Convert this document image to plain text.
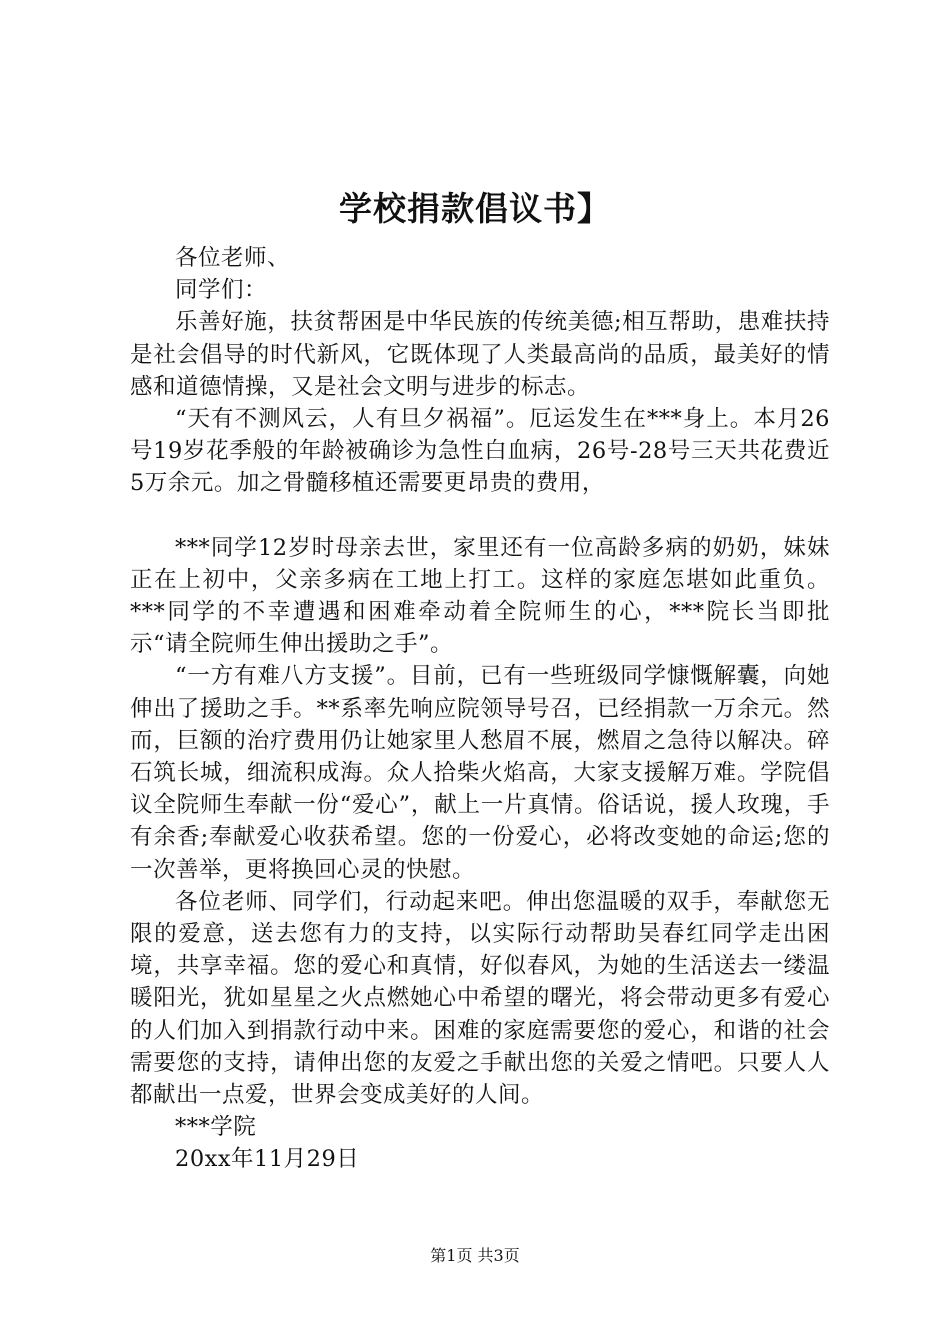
学校捐款倡议书】

各位老师、

同学们：

乐善好施，扶贫帮困是中华民族的传统美德;相互帮助，患难扶持是社会倡导的时代新风，它既体现了人类最高尚的品质，最美好的情感和道德情操，又是社会文明与进步的标志。

“天有不测风云，人有旦夕祸福”。厄运发生在***身上。本月26号19岁花季般的年龄被确诊为急性白血病，26号-28号三天共花费近5万余元。加之骨髓移植还需要更昂贵的费用，

***同学12岁时母亲去世，家里还有一位高龄多病的奶奶，妹妹正在上初中，父亲多病在工地上打工。这样的家庭怎堪如此重负。***同学的不幸遭遇和困难牵动着全院师生的心，***院长当即批示“请全院师生伸出援助之手”。

“一方有难八方支援”。目前，已有一些班级同学慷慨解囊，向她伸出了援助之手。**系率先响应院领导号召，已经捐款一万余元。然而，巨额的治疗费用仍让她家里人愁眉不展，燃眉之急待以解决。碎石筑长城，细流积成海。众人拾柴火焰高，大家支援解万难。学院倡议全院师生奉献一份“爱心”，献上一片真情。俗话说，援人玫瑰，手有余香;奉献爱心收获希望。您的一份爱心，必将改变她的命运;您的一次善举，更将换回心灵的快慰。

各位老师、同学们，行动起来吧。伸出您温暖的双手，奉献您无限的爱意，送去您有力的支持，以实际行动帮助吴春红同学走出困境，共享幸福。您的爱心和真情，好似春风，为她的生活送去一缕温暖阳光，犹如星星之火点燃她心中希望的曙光，将会带动更多有爱心的人们加入到捐款行动中来。困难的家庭需要您的爱心，和谐的社会需要您的支持，请伸出您的友爱之手献出您的关爱之情吧。只要人人都献出一点爱，世界会变成美好的人间。

***学院

20xx年11月29日

第1页 共3页
